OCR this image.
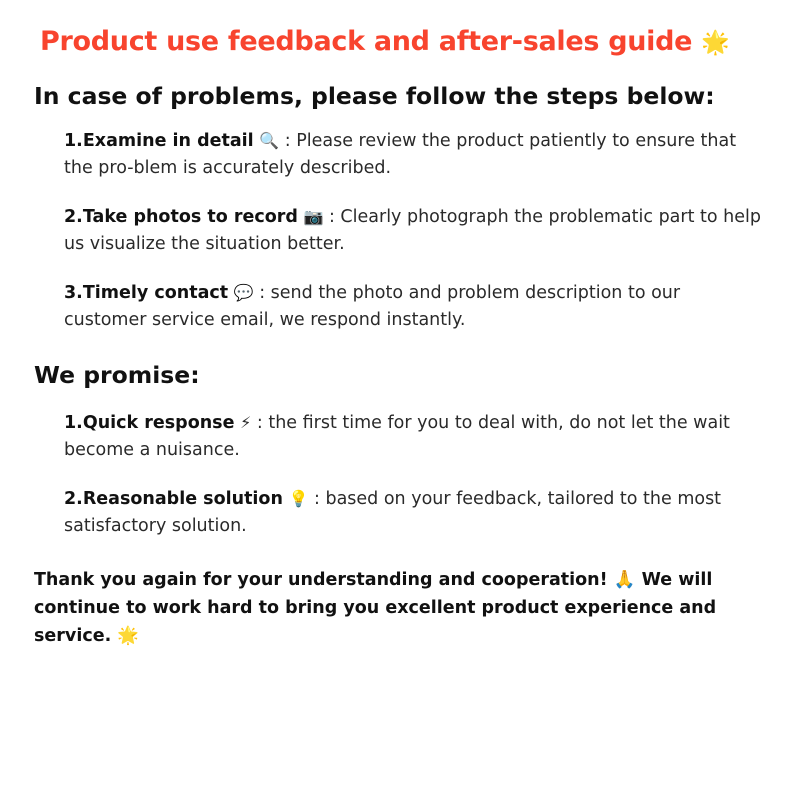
Product use feedback and after-sales guide 🌟
In case of problems, please follow the steps below:

1.Examine in detail 🔍 : Please review the product patiently to ensure that the pro-blem is accurately described.

2.Take photos to record 📷 : Clearly photograph the problematic part to help us visualize the situation better.

3.Timely contact 💬 : send the photo and problem description to our customer service email, we respond instantly.

We promise:

1.Quick response ⚡ : the first time for you to deal with, do not let the wait become a nuisance.

2.Reasonable solution 💡 : based on your feedback, tailored to the most satisfactory solution.

Thank you again for your understanding and cooperation! 🙏 We will continue to work hard to bring you excellent product experience and service. 🌟
